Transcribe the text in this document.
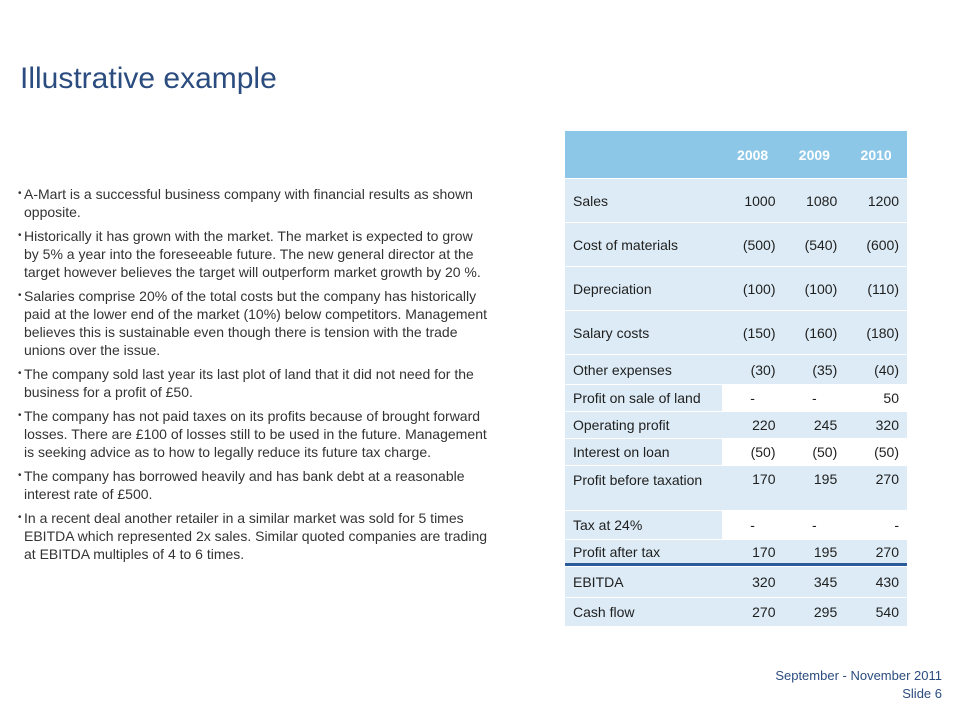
Illustrative example
• A-Mart is a successful business company with financial results as shown opposite.
• Historically it has grown with the market. The market is expected to grow by 5% a year into the foreseeable future. The new general director at the target however believes the target will outperform market growth by 20 %.
• Salaries comprise 20% of the total costs but the company has historically paid at the lower end of the market (10%) below competitors. Management believes this is sustainable even though there is tension with the trade unions over the issue.
• The company sold last year its last plot of land that it did not need for the business for a profit of £50.
• The company has not paid taxes on its profits because of brought forward losses. There are £100 of losses still to be used in the future. Management is seeking advice as to how to legally reduce its future tax charge.
• The company has borrowed heavily and has bank debt at a reasonable interest rate of £500.
• In a recent deal another retailer in a similar market was sold for 5 times EBITDA which represented 2x sales. Similar quoted companies are trading at EBITDA multiples of 4 to 6 times.
	2008	2009	2010
Sales	1000	1080	1200
Cost of materials	(500)	(540)	(600)
Depreciation	(100)	(100)	(110)
Salary costs	(150)	(160)	(180)
Other expenses	(30)	(35)	(40)
Profit on sale of land	-	-	50
Operating profit	220	245	320
Interest on loan	(50)	(50)	(50)
Profit before taxation	170	195	270
Tax at 24%	-	-	-
Profit after tax	170	195	270
EBITDA	320	345	430
Cash flow	270	295	540
September - November 2011
Slide 6
